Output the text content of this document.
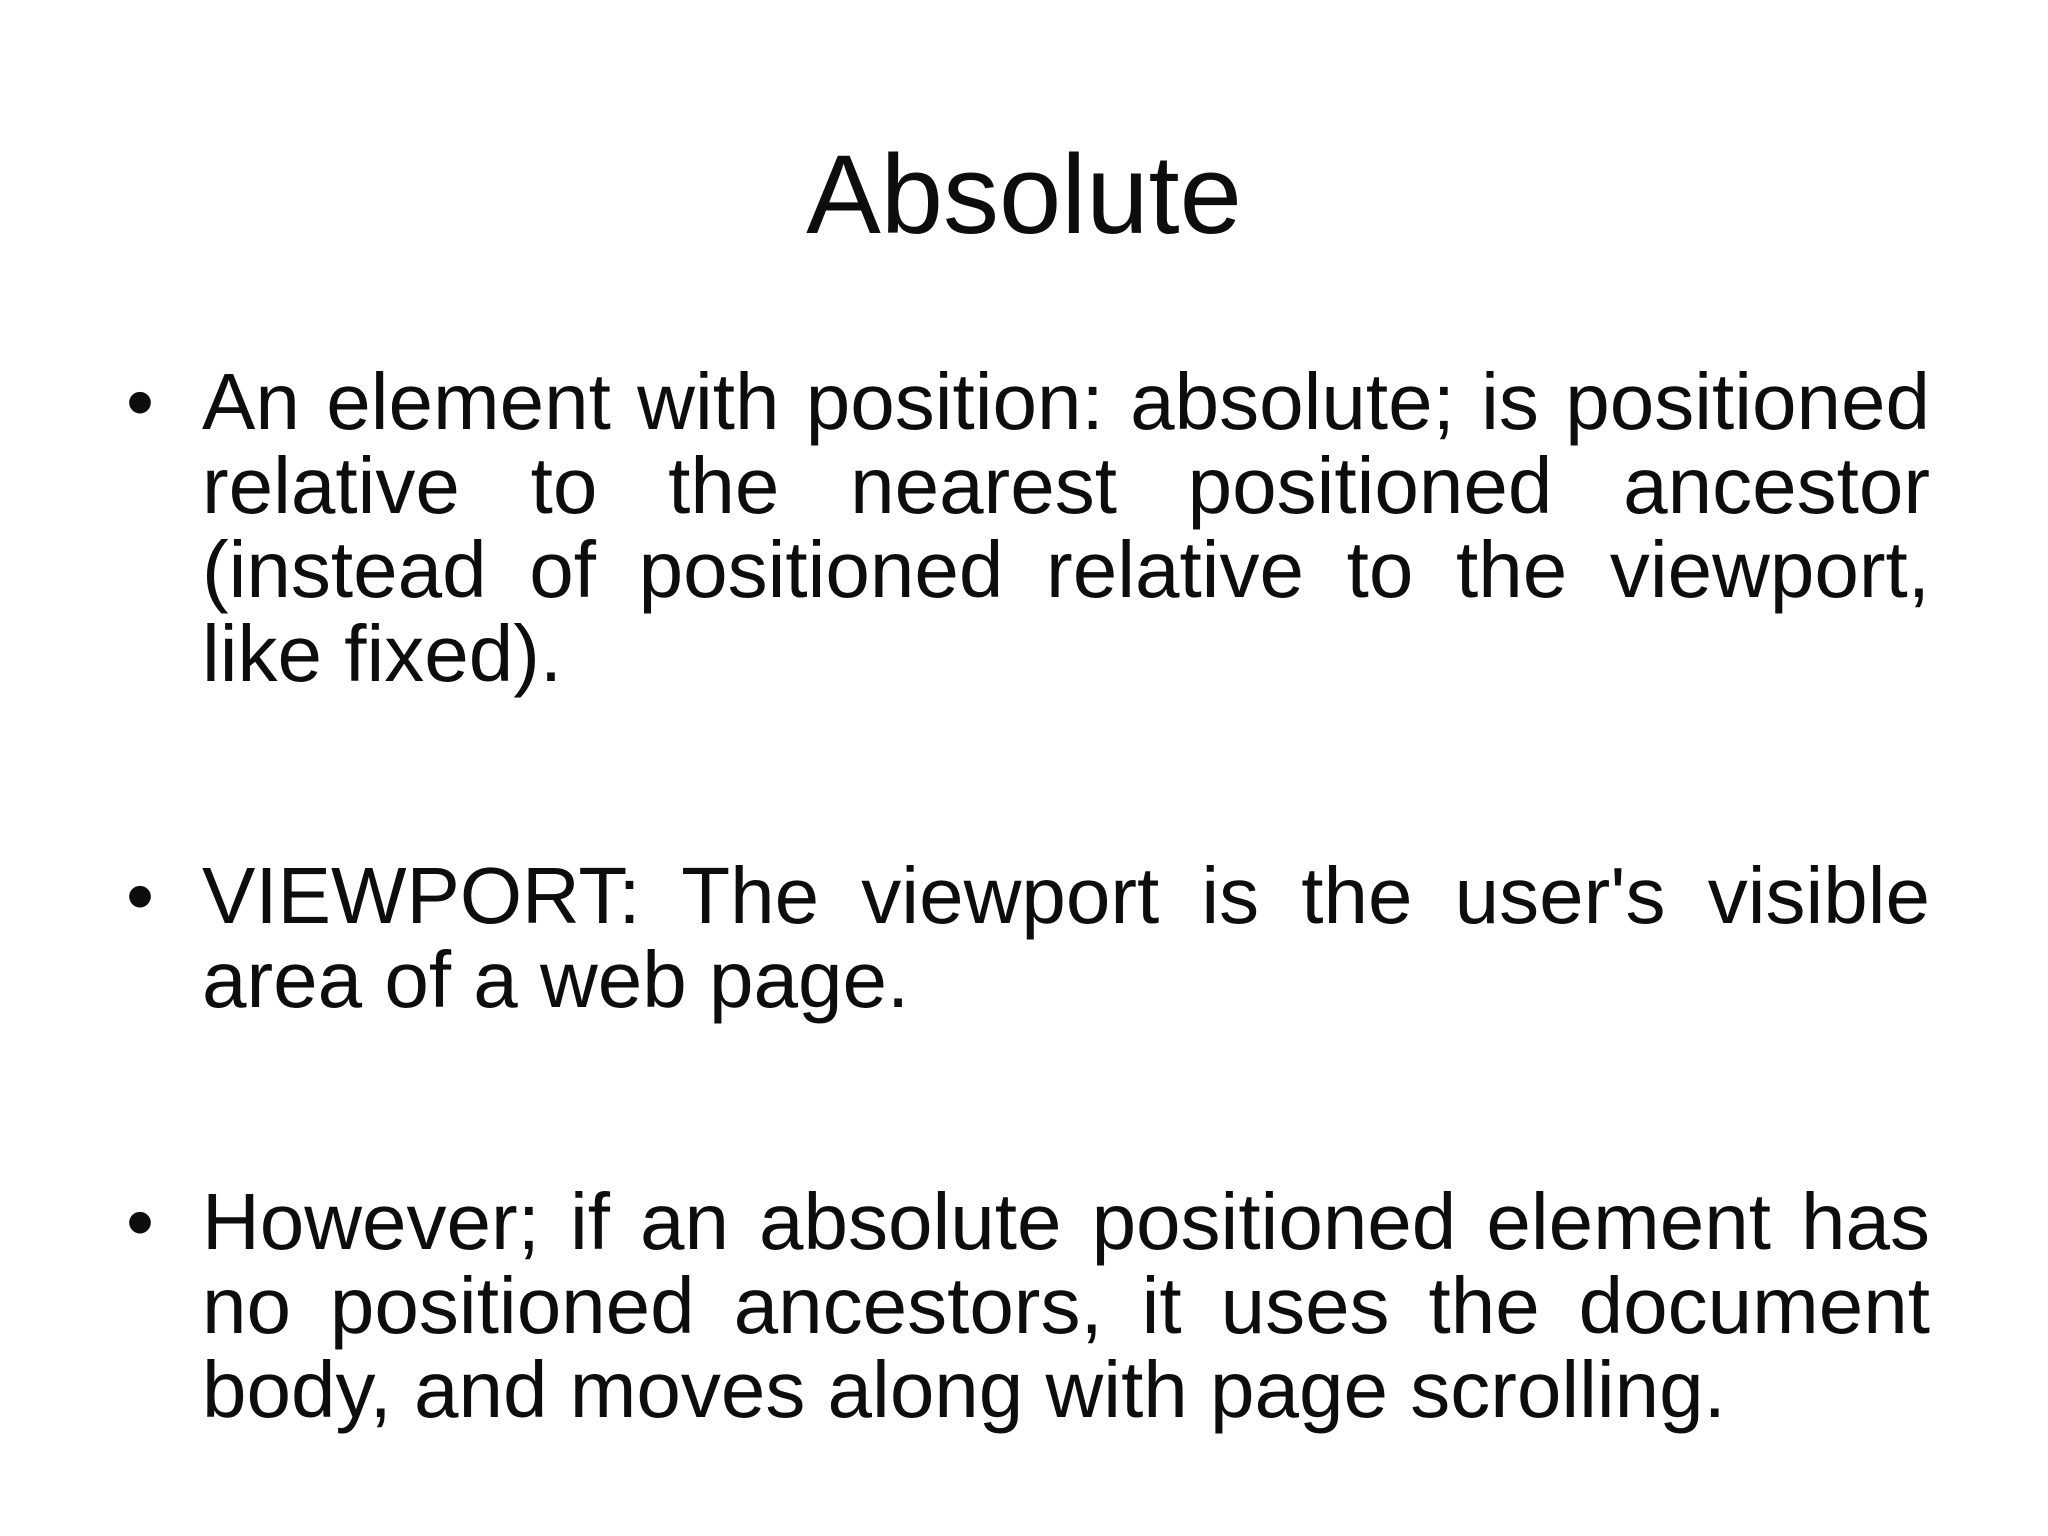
Absolute
• An element with position: absolute; is positioned relative to the nearest positioned ancestor (instead of positioned relative to the viewport, like fixed).
• VIEWPORT: The viewport is the user's visible area of a web page.
• However; if an absolute positioned element has no positioned ancestors, it uses the document body, and moves along with page scrolling.
